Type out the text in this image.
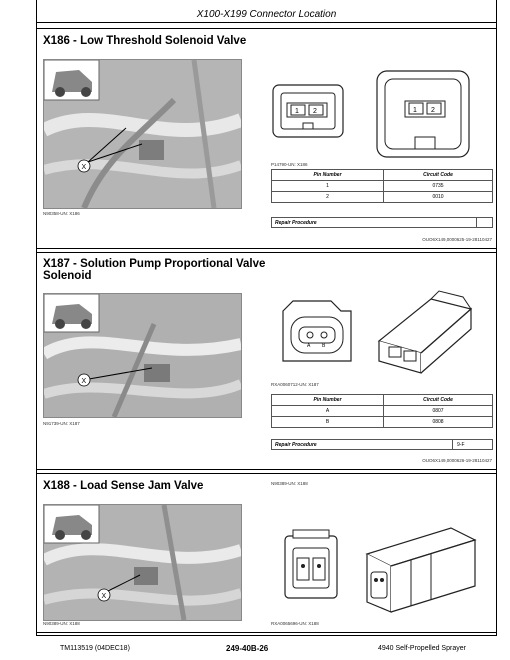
X100-X199 Connector Location
X186 - Low Threshold Solenoid Valve
X
N90358-UN: X186
1 2	1 2
P14790-UN: X186
Pin Number	Circuit Code
1	0735
2	0010
Repair Procedure
OUO6X149,0000625-19-28110427
X187 - Solution Pump Proportional Valve Solenoid
X
N91739-UN: X187
A B
RXA0060712-UN: X187
Pin Number	Circuit Code
A	0807
B	0808
Repair Procedure	9-F
OUO6X149,0000626-19-28110427
X188 - Load Sense Jam Valve	N90389-UN: X188
X
N90389-UN: X188	RXA0065696-UN: X188
TM113519 (04DEC18)	249-40B-26	4940 Self-Propelled Sprayer
